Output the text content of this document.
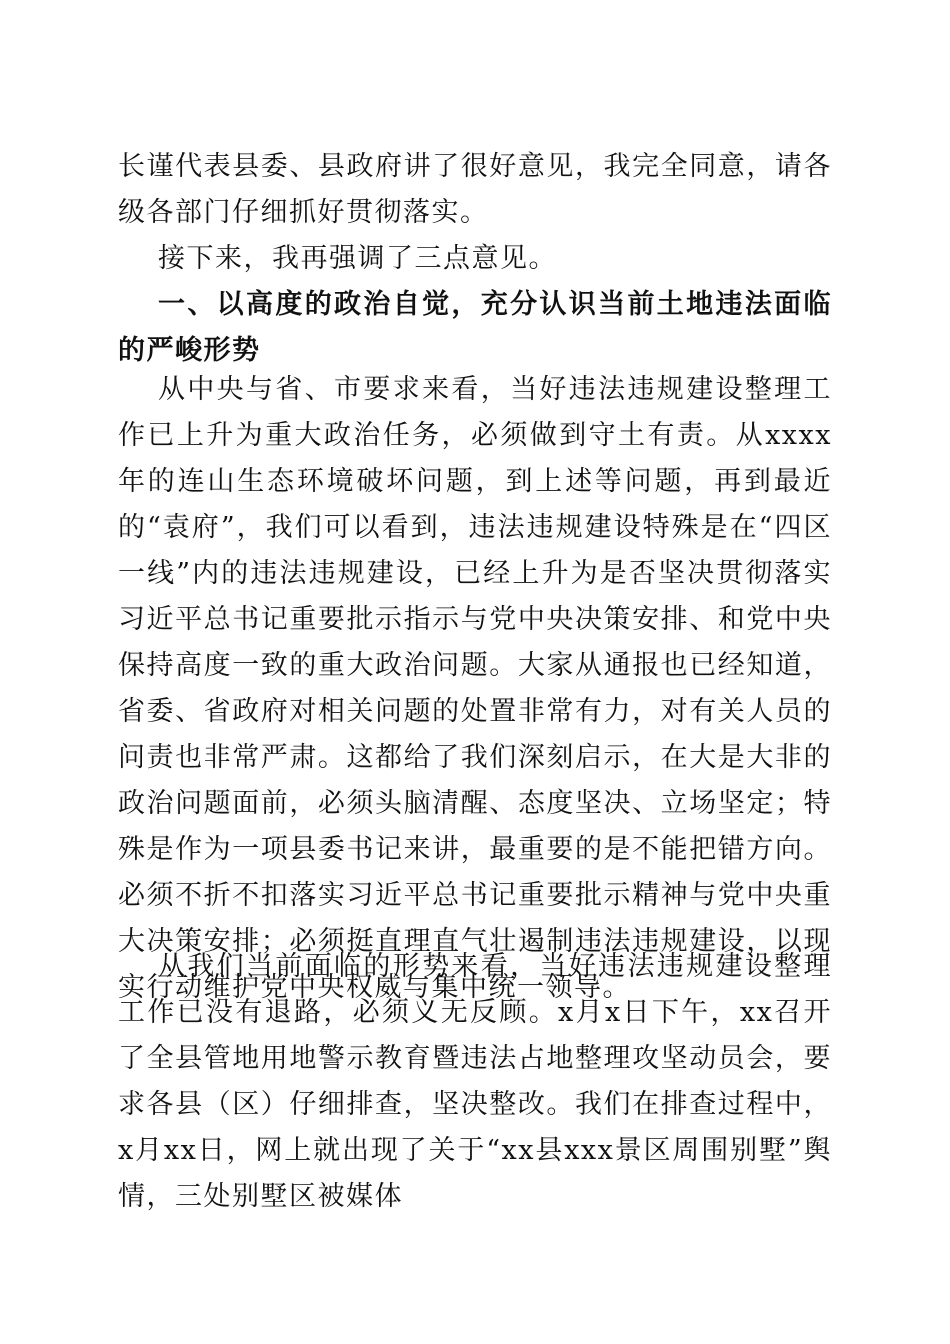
长谨代表县委、县政府讲了很好意见，我完全同意，请各级各部门仔细抓好贯彻落实。

接下来，我再强调了三点意见。

一、以高度的政治自觉，充分认识当前土地违法面临的严峻形势

从中央与省、市要求来看，当好违法违规建设整理工作已上升为重大政治任务，必须做到守土有责。从xxxx年的连山生态环境破坏问题，到上述等问题，再到最近的“袁府”，我们可以看到，违法违规建设特殊是在“四区一线”内的违法违规建设，已经上升为是否坚决贯彻落实习近平总书记重要批示指示与党中央决策安排、和党中央保持高度一致的重大政治问题。大家从通报也已经知道，省委、省政府对相关问题的处置非常有力，对有关人员的问责也非常严肃。这都给了我们深刻启示，在大是大非的政治问题面前，必须头脑清醒、态度坚决、立场坚定；特殊是作为一项县委书记来讲，最重要的是不能把错方向。必须不折不扣落实习近平总书记重要批示精神与党中央重大决策安排；必须挺直理直气壮遏制违法违规建设，以现实行动维护党中央权威与集中统一领导。

从我们当前面临的形势来看，当好违法违规建设整理工作已没有退路，必须义无反顾。x月x日下午，xx召开了全县管地用地警示教育暨违法占地整理攻坚动员会，要求各县（区）仔细排查，坚决整改。我们在排查过程中，x月xx日，网上就出现了关于“xx县xxx景区周围别墅”舆情，三处别墅区被媒体
